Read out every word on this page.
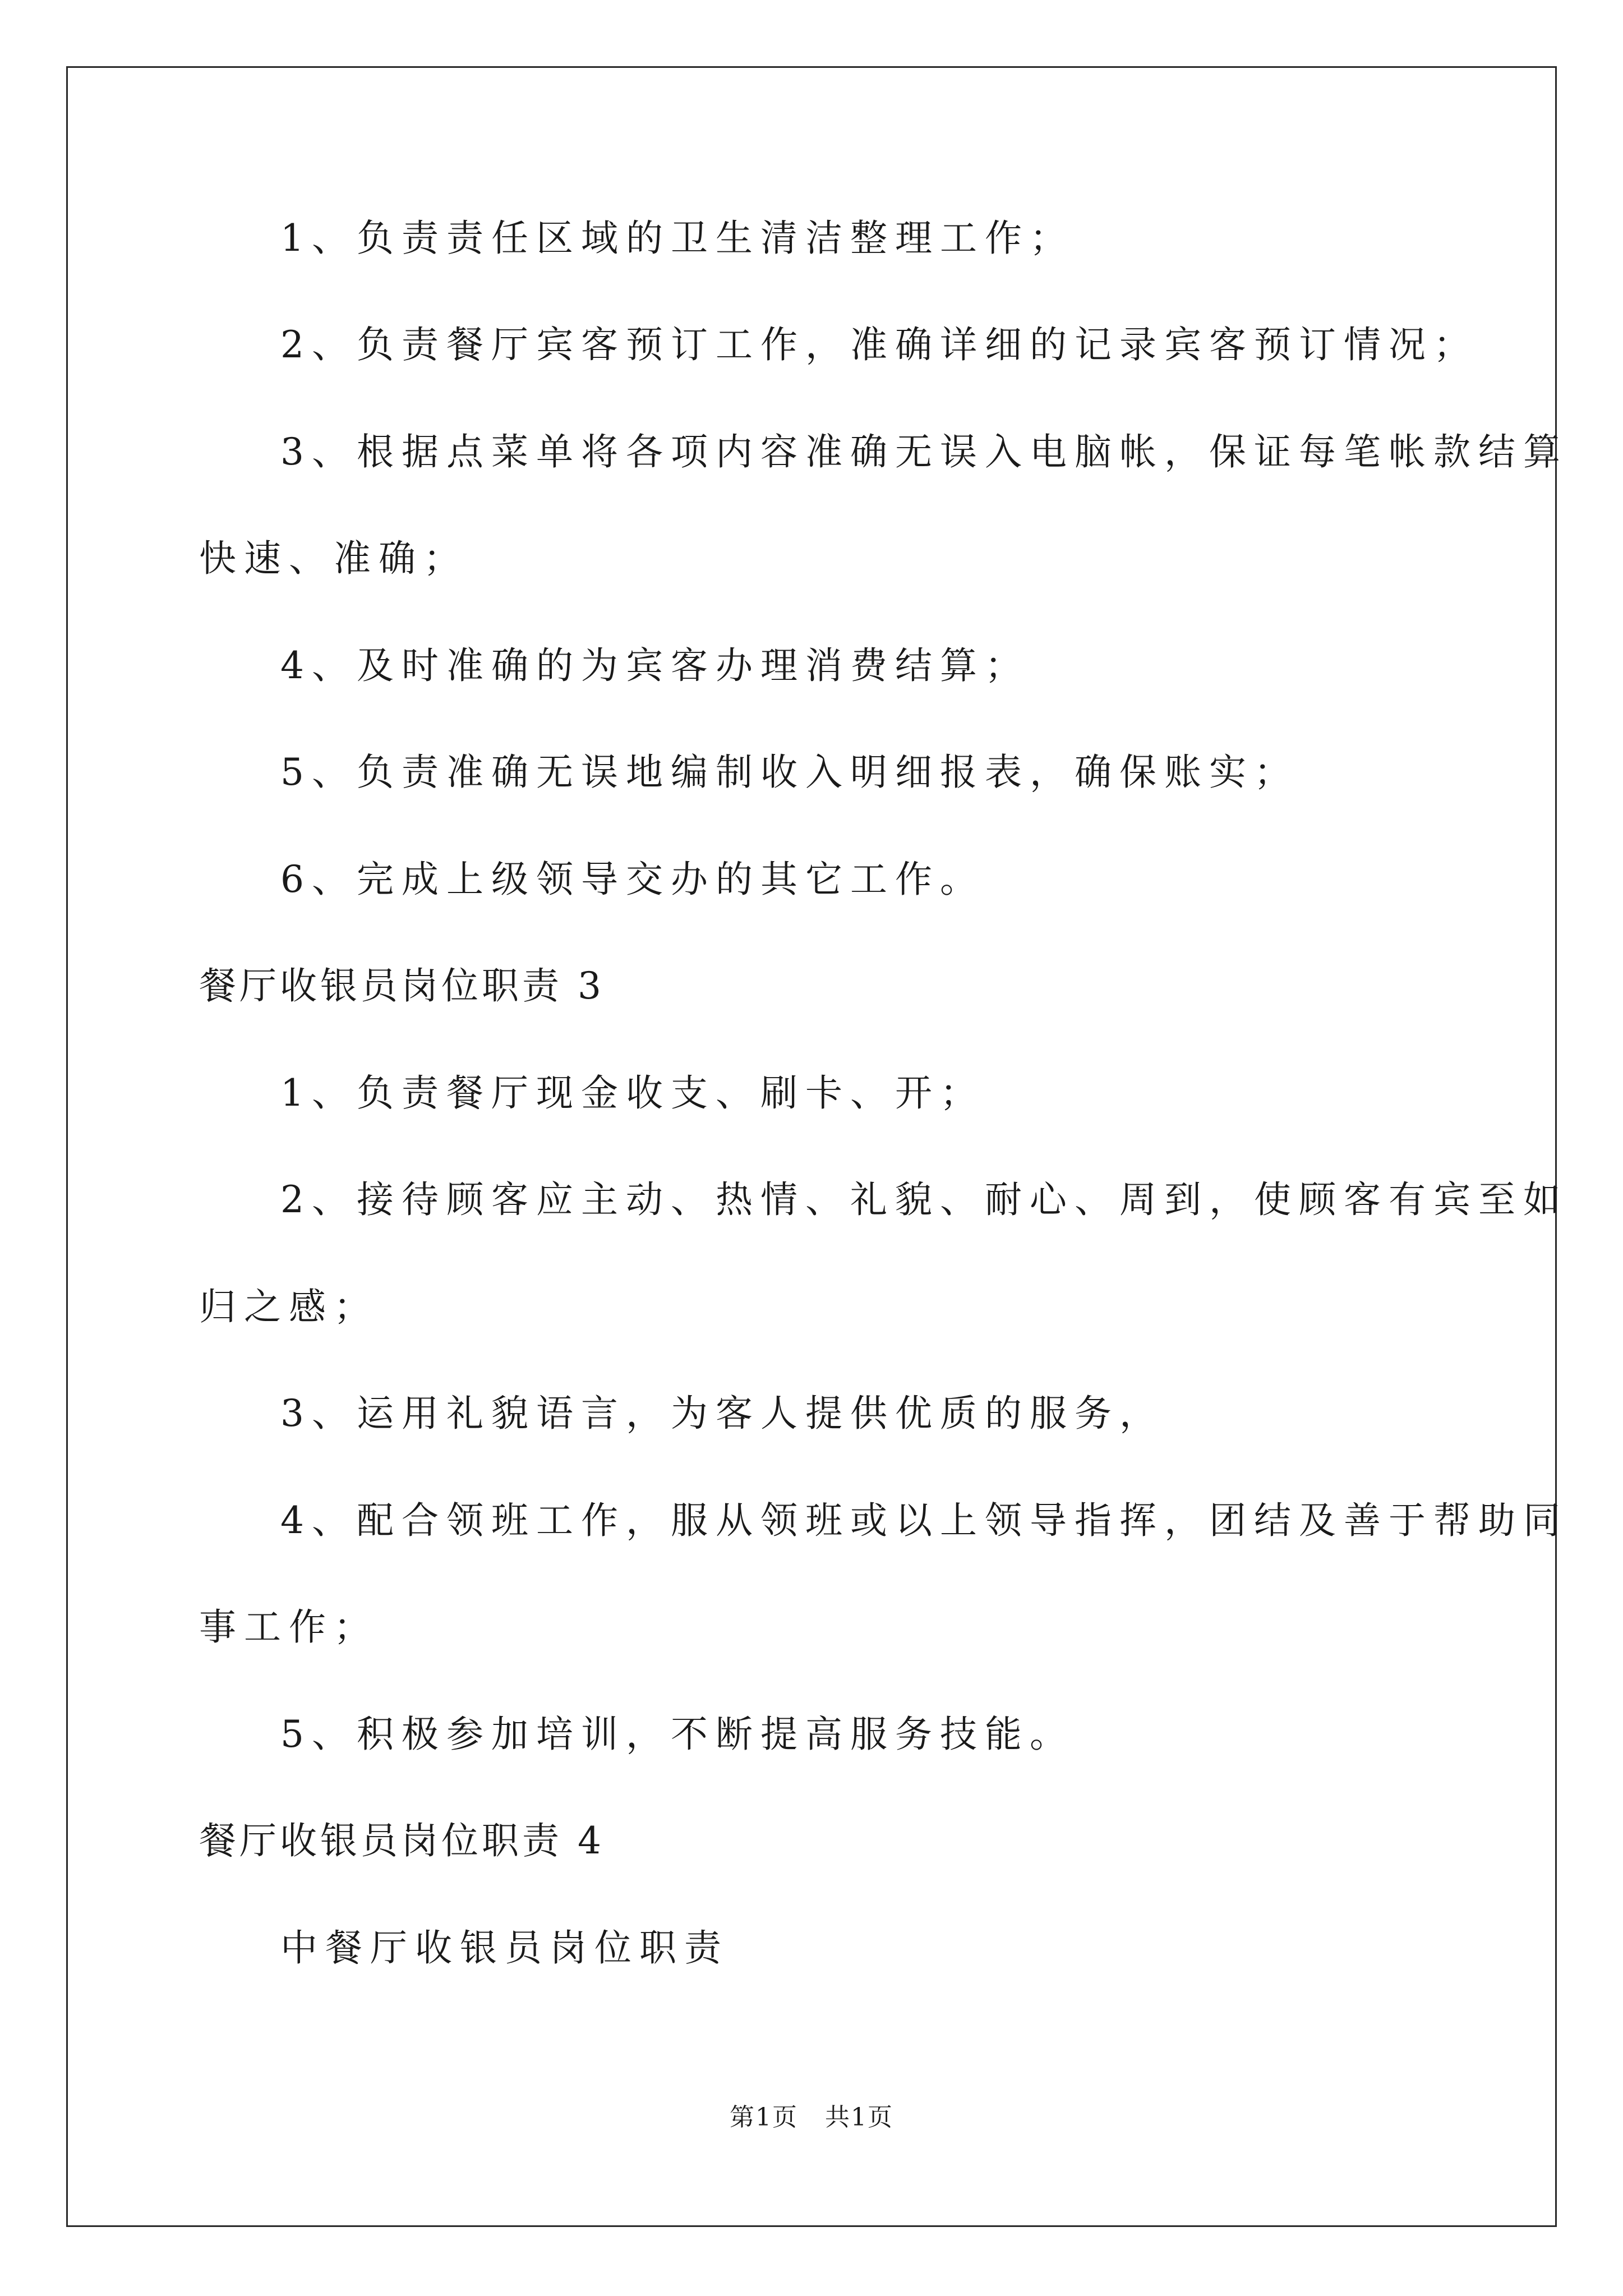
1、负责责任区域的卫生清洁整理工作；
2、负责餐厅宾客预订工作，准确详细的记录宾客预订情况；
3、根据点菜单将各项内容准确无误入电脑帐，保证每笔帐款结算
快速、准确；
4、及时准确的为宾客办理消费结算；
5、负责准确无误地编制收入明细报表，确保账实；
6、完成上级领导交办的其它工作。
餐厅收银员岗位职责 3
1、负责餐厅现金收支、刷卡、开；
2、接待顾客应主动、热情、礼貌、耐心、周到，使顾客有宾至如
归之感；
3、运用礼貌语言，为客人提供优质的服务，
4、配合领班工作，服从领班或以上领导指挥，团结及善于帮助同
事工作；
5、积极参加培训，不断提高服务技能。
餐厅收银员岗位职责 4
中餐厅收银员岗位职责
第1页   共1页
